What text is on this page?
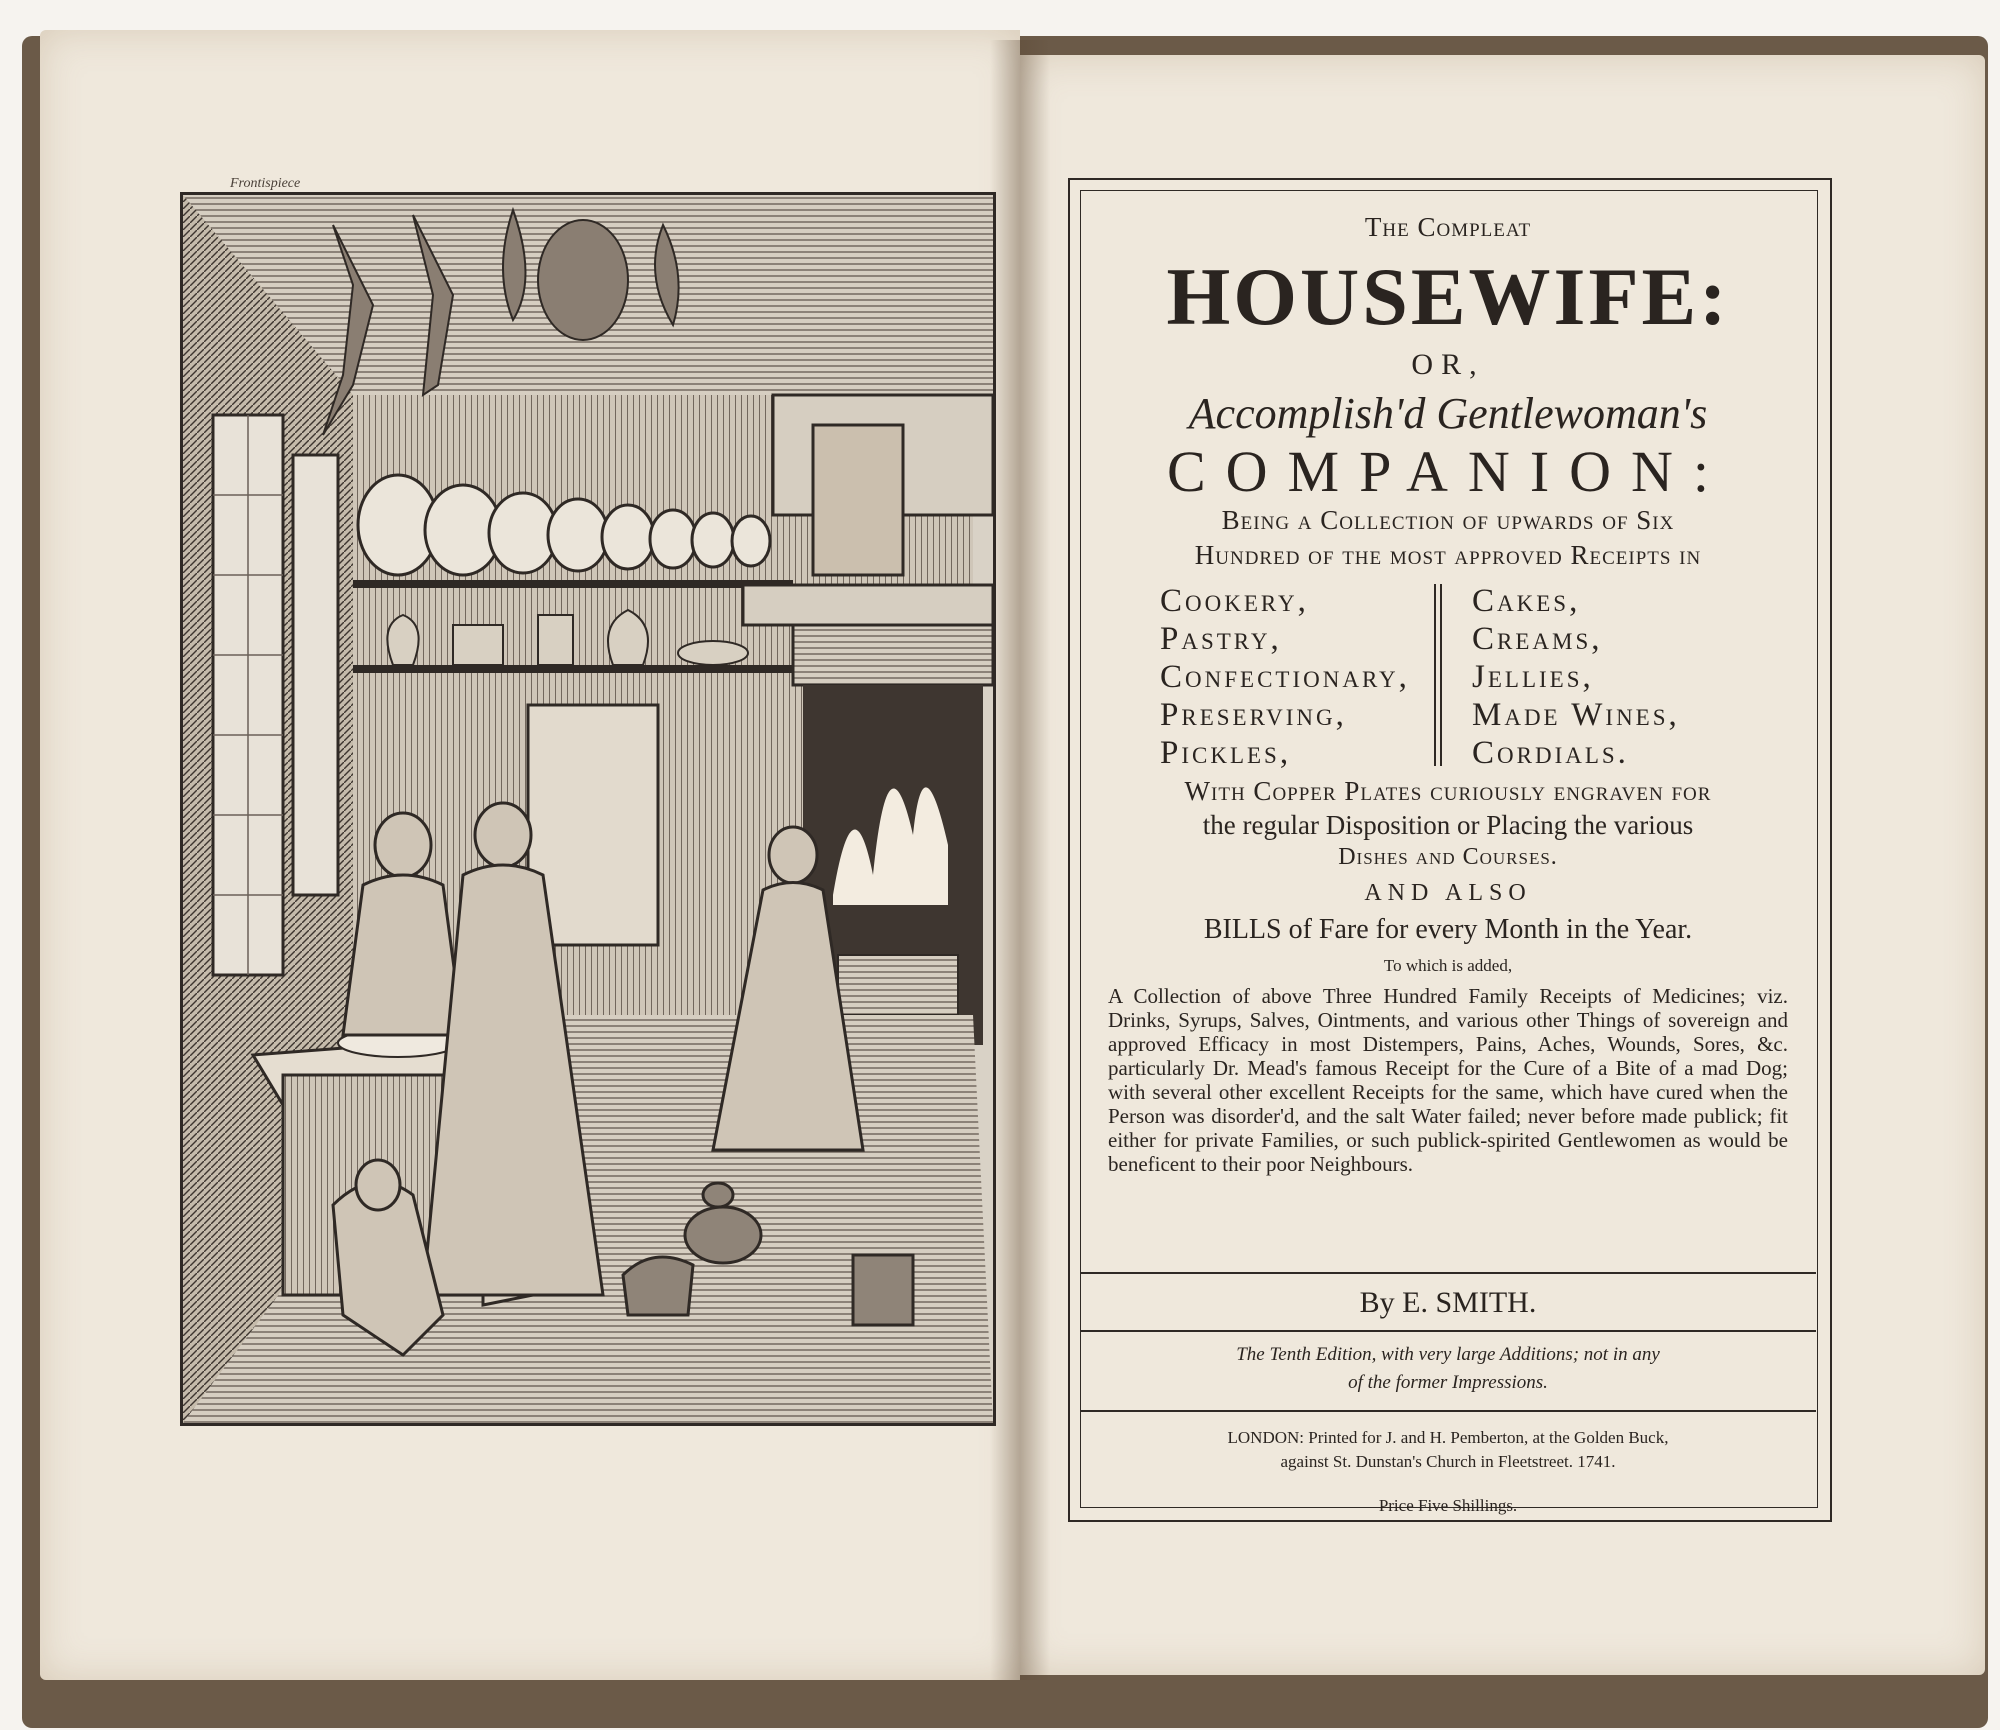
Frontispiece
The Compleat
HOUSEWIFE:
OR,
Accomplish'd Gentlewoman's
COMPANION:
Being a Collection of upwards of Six
Hundred of the most approved Receipts in
Cookery,
Pastry,
Confectionary,
Preserving,
Pickles,
Cakes,
Creams,
Jellies,
Made Wines,
Cordials.
With Copper Plates curiously engraven for
the regular Disposition or Placing the various
Dishes and Courses.
AND ALSO
BILLS of Fare for every Month in the Year.
To which is added,
A Collection of above Three Hundred Family Receipts of Medicines; viz. Drinks, Syrups, Salves, Ointments, and various other Things of sovereign and approved Efficacy in most Distempers, Pains, Aches, Wounds, Sores, &c. particularly Dr. Mead's famous Receipt for the Cure of a Bite of a mad Dog; with several other excellent Receipts for the same, which have cured when the Person was disorder'd, and the salt Water failed; never before made publick; fit either for private Families, or such publick-spirited Gentlewomen as would be beneficent to their poor Neighbours.
By E. SMITH.
The Tenth Edition, with very large Additions; not in any
of the former Impressions.
LONDON: Printed for J. and H. Pemberton, at the Golden Buck,
against St. Dunstan's Church in Fleetstreet. 1741.
Price Five Shillings.
